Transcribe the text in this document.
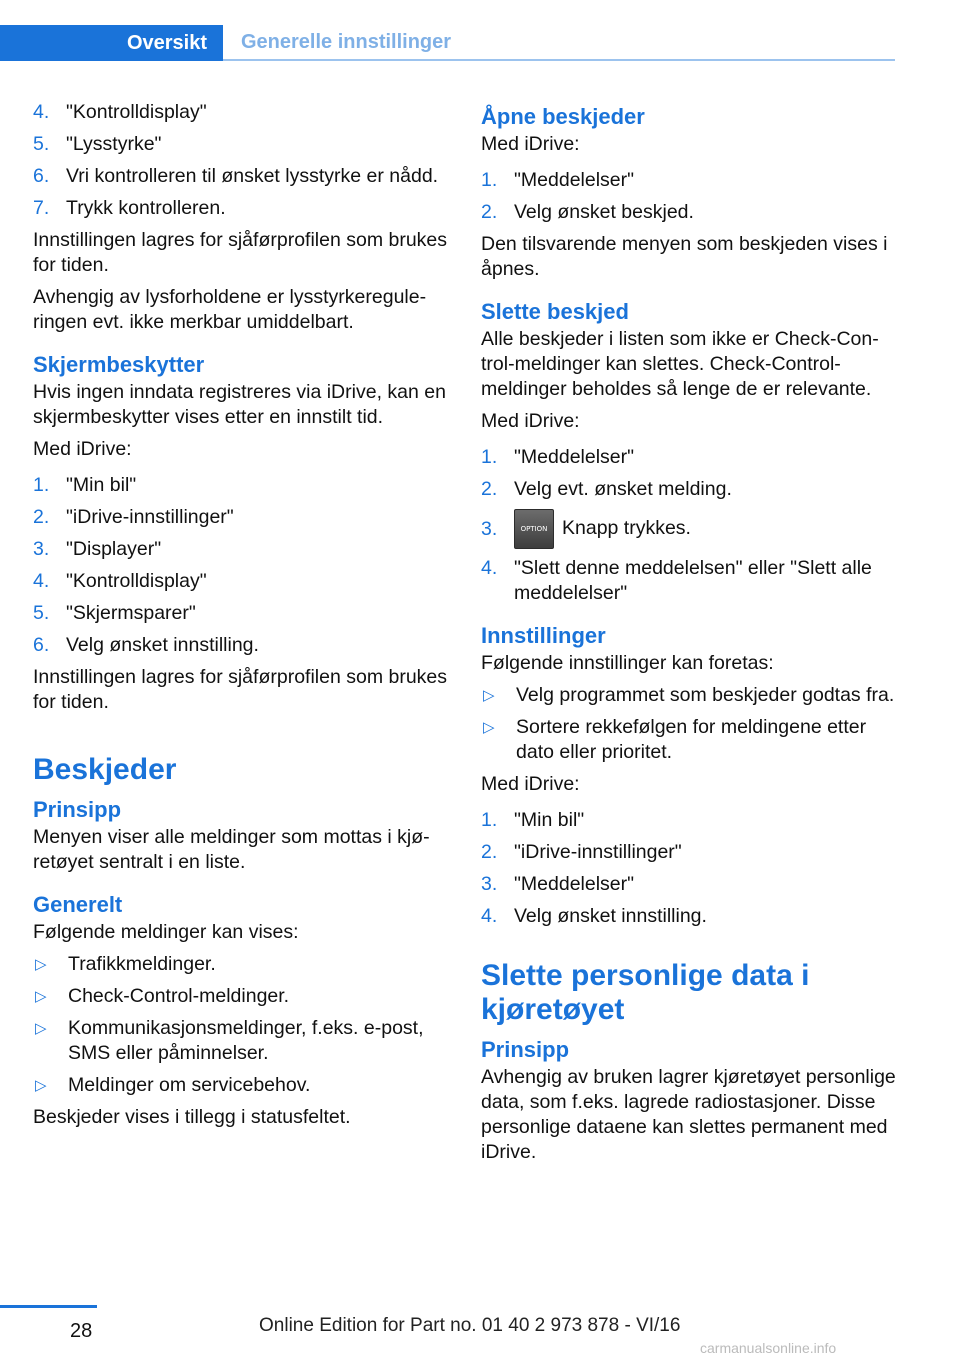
Oversikt	Generelle innstillinger
4. "Kontrolldisplay"
5. "Lysstyrke"
6. Vri kontrolleren til ønsket lysstyrke er nådd.
7. Trykk kontrolleren.

Innstillingen lagres for sjåførprofilen som brukes for tiden.

Avhengig av lysforholdene er lysstyrkereguleringen evt. ikke merkbar umiddelbart.

Skjermbeskytter

Hvis ingen inndata registreres via iDrive, kan en skjermbeskytter vises etter en innstilt tid.

Med iDrive:

1. "Min bil"
2. "iDrive-innstillinger"
3. "Displayer"
4. "Kontrolldisplay"
5. "Skjermsparer"
6. Velg ønsket innstilling.

Innstillingen lagres for sjåførprofilen som brukes for tiden.

Beskjeder
Prinsipp

Menyen viser alle meldinger som mottas i kjøretøyet sentralt i en liste.

Generelt

Følgende meldinger kan vises:

▷	Trafikkmeldinger.
▷	Check-Control-meldinger.
▷	Kommunikasjonsmeldinger, f.eks. e-post, SMS eller påminnelser.
▷	Meldinger om servicebehov.

Beskjeder vises i tillegg i statusfeltet.

Åpne beskjeder

Med iDrive:

1. "Meddelelser"
2. Velg ønsket beskjed.

Den tilsvarende menyen som beskjeden vises i åpnes.

Slette beskjed

Alle beskjeder i listen som ikke er Check-Control-meldinger kan slettes. Check-Control-meldinger beholdes så lenge de er relevante.

Med iDrive:

1. "Meddelelser"
2. Velg evt. ønsket melding.
3.	OPTION Knapp trykkes.
4. "Slett denne meddelelsen" eller "Slett alle meddelelser"
Innstillinger

Følgende innstillinger kan foretas:

▷	Velg programmet som beskjeder godtas fra.
▷	Sortere rekkefølgen for meldingene etter dato eller prioritet.

Med iDrive:

1. "Min bil"
2. "iDrive-innstillinger"
3. "Meddelelser"
4. Velg ønsket innstilling.
Slette personlige data i kjøretøyet
Prinsipp

Avhengig av bruken lagrer kjøretøyet personlige data, som f.eks. lagrede radiostasjoner. Disse personlige dataene kan slettes permanent med iDrive.

28	Online Edition for Part no. 01 40 2 973 878 - VI/16
carmanualsonline.info
